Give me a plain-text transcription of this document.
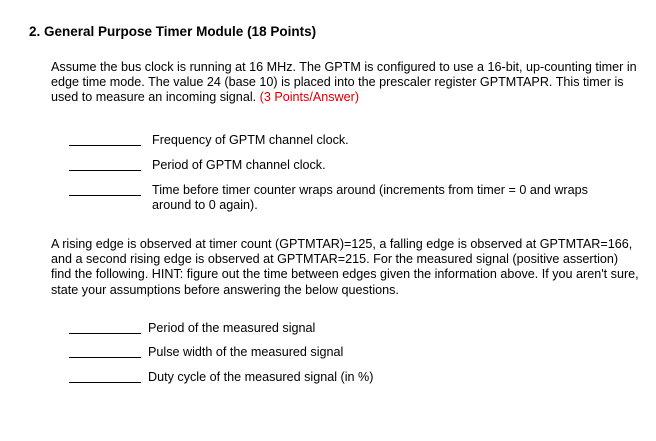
2. General Purpose Timer Module (18 Points)
Assume the bus clock is running at 16 MHz. The GPTM is configured to use a 16-bit, up-counting timer in edge time mode. The value 24 (base 10) is placed into the prescaler register GPTMTAPR. This timer is used to measure an incoming signal. (3 Points/Answer)
Frequency of GPTM channel clock.
Period of GPTM channel clock.
Time before timer counter wraps around (increments from timer = 0 and wraps around to 0 again).
A rising edge is observed at timer count (GPTMTAR)=125, a falling edge is observed at GPTMTAR=166, and a second rising edge is observed at GPTMTAR=215. For the measured signal (positive assertion) find the following. HINT: figure out the time between edges given the information above. If you aren't sure, state your assumptions before answering the below questions.
Period of the measured signal
Pulse width of the measured signal
Duty cycle of the measured signal (in %)
